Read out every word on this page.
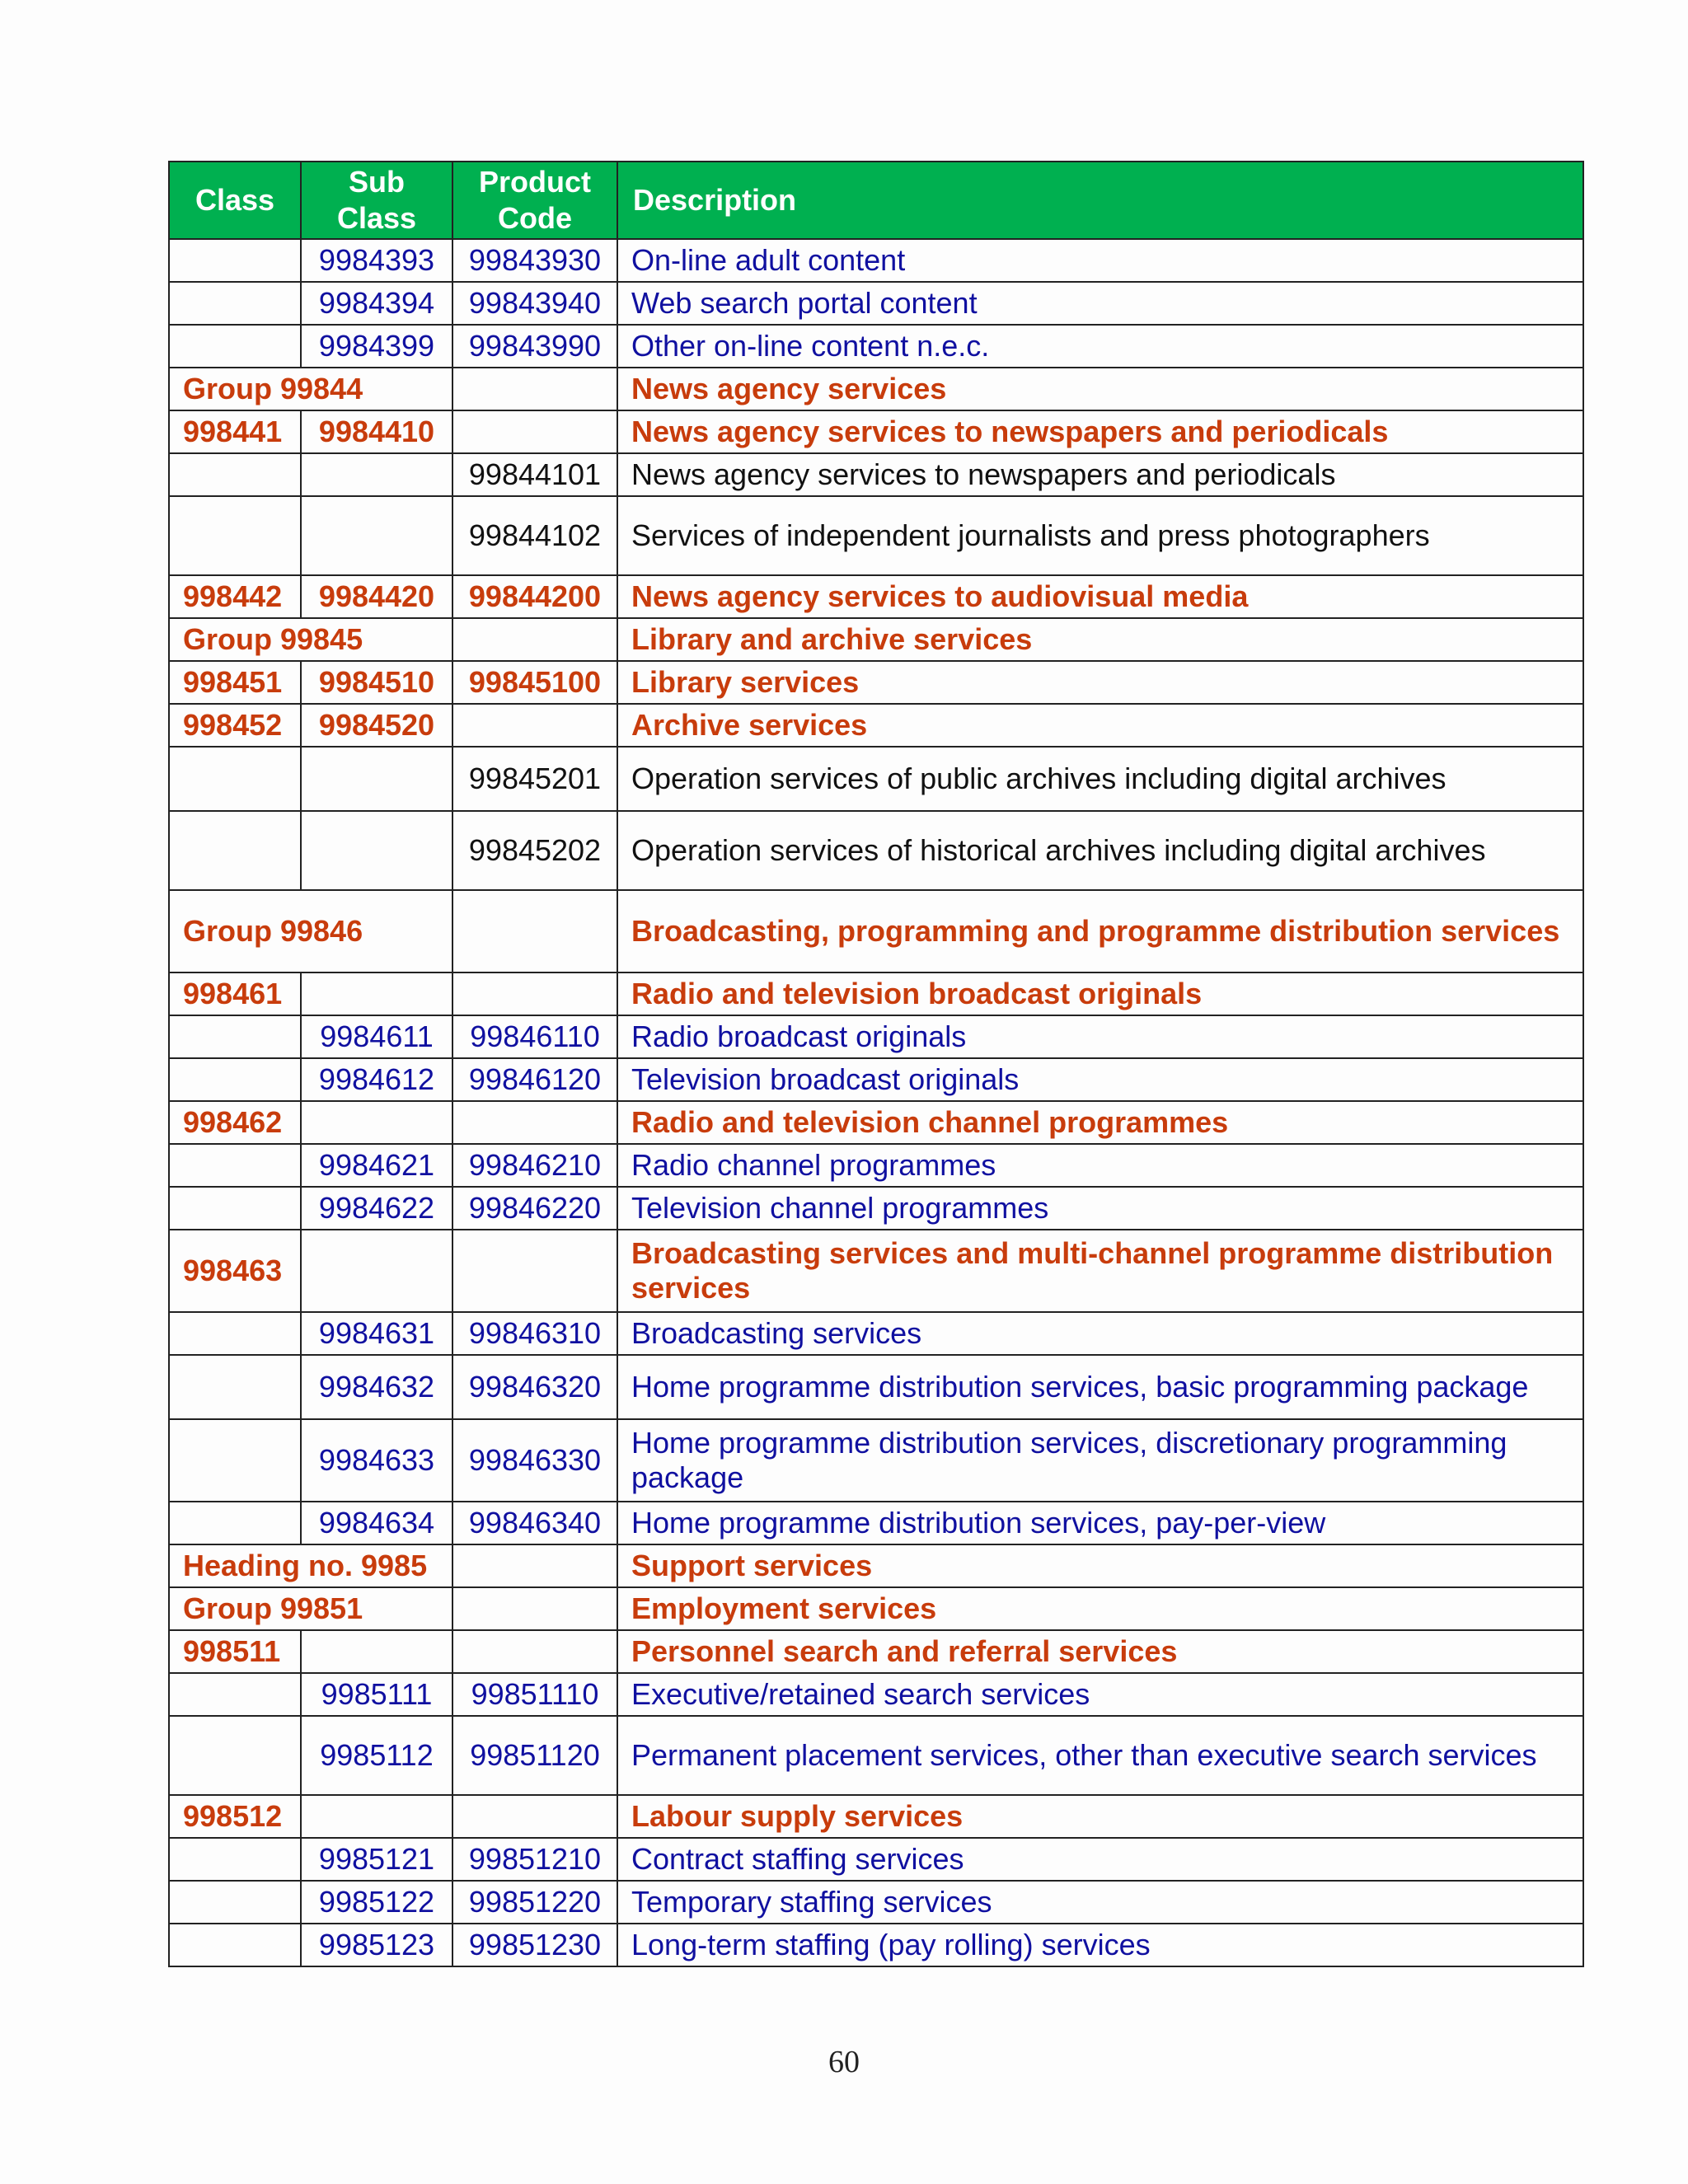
Class	Sub Class	Product Code	Description
	9984393	99843930	On-line adult content
	9984394	99843940	Web search portal content
	9984399	99843990	Other on-line content n.e.c.
Group 99844			News agency services
998441	9984410		News agency services to newspapers and periodicals
		99844101	News agency services to newspapers and periodicals
		99844102	Services of independent journalists and press photographers
998442	9984420	99844200	News agency services to audiovisual media
Group 99845			Library and archive services
998451	9984510	99845100	Library services
998452	9984520		Archive services
		99845201	Operation services of public archives including digital archives
		99845202	Operation services of historical archives including digital archives
Group 99846			Broadcasting, programming and programme distribution services
998461			Radio and television broadcast originals
	9984611	99846110	Radio broadcast originals
	9984612	99846120	Television broadcast originals
998462			Radio and television channel programmes
	9984621	99846210	Radio channel programmes
	9984622	99846220	Television channel programmes
998463			Broadcasting services and multi-channel programme distribution services
	9984631	99846310	Broadcasting services
	9984632	99846320	Home programme distribution services, basic programming package
	9984633	99846330	Home programme distribution services, discretionary programming package
	9984634	99846340	Home programme distribution services, pay-per-view
Heading no. 9985			Support services
Group 99851			Employment services
998511			Personnel search and referral services
	9985111	99851110	Executive/retained search services
	9985112	99851120	Permanent placement services, other than executive search services
998512			Labour supply services
	9985121	99851210	Contract staffing services
	9985122	99851220	Temporary staffing services
	9985123	99851230	Long-term staffing (pay rolling) services
60
